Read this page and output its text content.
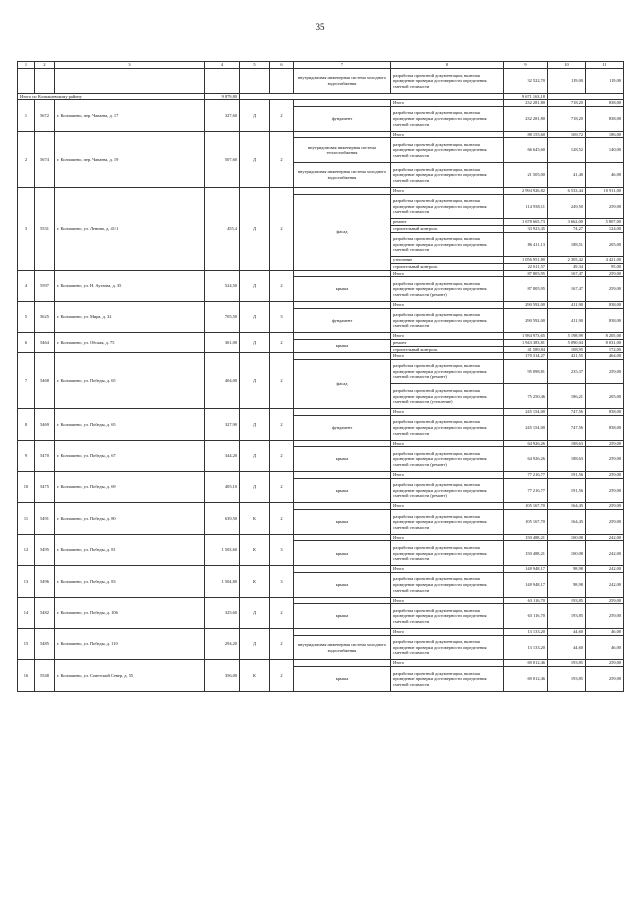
35
1	2	3	4	5	6	7	8	9	10	11
						внутридомовая инженерная система холодного водоснабжения	разработка проектной документации, включая проведение проверки достоверности определения сметной стоимости	32 522,70	119,00	119,00
Итого по Колпашевскому району			9 879,80					9 671 163,18		
1	5672	г. Колпашево, пер. Чапаева, д. 17	327,60	Д	2		Итого	232 281,80	718,20	838,00
						фундамент	разработка проектной документации, включая проведение проверки достоверности определения сметной стоимости	232 281,80	718,20	838,00
2	5674	г. Колпашево, пер. Чапаева, д. 19	507,60	Д	2		Итого	88 155,60	169,72	186,00
						внутридомовая инженерная система теплоснабжения	разработка проектной документации, включая проведение проверки достоверности определения сметной стоимости	66 645,60	128,52	140,00
						внутридомовая инженерная система холодного водоснабжения	разработка проектной документации, включая проведение проверки достоверности определения сметной стоимости	21 505,00	41,40	46,00
3	5531	г. Колпашево, ул. Ленина, д. 41/1	455,4	Д	2		Итого	2 994 926,82	6 533,44	10 911,00
						фасад	разработка проектной документации, включая проведение проверки достоверности определения сметной стоимости	114 938,11	249,50	259,00
							ремонт	1 678 665,73	3 662,00	5 807,00
							строительный контроль	33 923,45	74,27	124,00
							разработка проектной документации, включая проведение проверки достоверности определения сметной стоимости	86 411,13	188,51	205,00
							утепление	1 056 951,80	2 305,42	4 421,00
							строительный контроль	22 611,57	49,34	95,00
4	5597	г. Колпашево, ул. Н. Ауэзова, д. 35	524,50	Д	2		Итого	87 805,95	167,47	259,00
						крыша	разработка проектной документации, включая проведение проверки достоверности определения сметной стоимости (ремонт)	87 805,95	167,47	259,00
5	5625	г. Колпашево, ул. Мира, д. 32	705,50	Д	3		Итого	290 592,00	411,90	838,00
						фундамент	разработка проектной документации, включая проведение проверки достоверности определения сметной стоимости	290 592,00	411,90	838,00
6	5464	г. Колпашево, ул. Обская, д. 75	361,00	Д	2		Итого	1 984 973,65	5 198,99	8 205,00
						крыша	ремонт	1 943 383,81	5 090,04	8 031,00
							строительный контроль	41 589,84	108,95	172,00
7	5468	г. Колпашево, ул. Победы, д. 65	404,00	Д	2		Итого	170 314,27	421,55	464,00
						фасад	разработка проектной документации, включая проведение проверки достоверности определения сметной стоимости (ремонт)	95 098,81	235,37	259,00
							разработка проектной документации, включая проведение проверки достоверности определения сметной стоимости (утепление)	75 250,46	186,21	205,00
8	5469	г. Колпашево, ул. Победы, д. 65	327,90	Д	2		Итого	245 154,00	747,56	838,00
						фундамент	разработка проектной документации, включая проведение проверки достоверности определения сметной стоимости	245 154,00	747,56	838,00
9	5470	г. Колпашево, ул. Победы, д. 67	344,20	Д	2		Итого	64 926,26	188,63	259,00
						крыша	разработка проектной документации, включая проведение проверки достоверности определения сметной стоимости (ремонт)	64 926,26	188,63	259,00
10	5475	г. Колпашево, ул. Победы, д. 69	405,10	Д	2		Итого	77 216,77	191,56	259,00
						крыша	разработка проектной документации, включая проведение проверки достоверности определения сметной стоимости (ремонт)	77 216,77	191,56	259,00
11	5491	г. Колпашево, ул. Победы, д. 80	639,50	К	2		Итого	105 167,70	164,45	259,00
						крыша	разработка проектной документации, включая проведение проверки достоверности определения сметной стоимости	105 167,70	164,45	259,00
12	5495	г. Колпашево, ул. Победы, д. 81	1 503,60	К	3		Итого	150 488,21	100,08	242,00
						крыша	разработка проектной документации, включая проведение проверки достоверности определения сметной стоимости	150 488,21	100,08	242,00
13	5496	г. Колпашево, ул. Победы, д. 83	1 504,80	К	3		Итого	148 948,17	98,98	242,00
						крыша	разработка проектной документации, включая проведение проверки достоверности определения сметной стоимости	148 948,17	98,98	242,00
14	5482	г. Колпашево, ул. Победы, д. 106	325,60	Д	2		Итого	63 116,70	193,85	259,00
						крыша	разработка проектной документации, включая проведение проверки достоверности определения сметной стоимости	63 116,70	193,85	259,00
15	5485	г. Колпашево, ул. Победы, д. 110	294,20	Д	2		Итого	13 133,20	44,60	46,00
						внутридомовая инженерная система холодного водоснабжения	разработка проектной документации, включая проведение проверки достоверности определения сметной стоимости	13 133,20	44,60	46,00
16	5548	г. Колпашево, ул. Советский Север, д. 55	356,00	К	2		Итого	69 012,46	193,85	259,00
						крыша	разработка проектной документации, включая проведение проверки достоверности определения сметной стоимости	69 012,46	193,85	259,00
